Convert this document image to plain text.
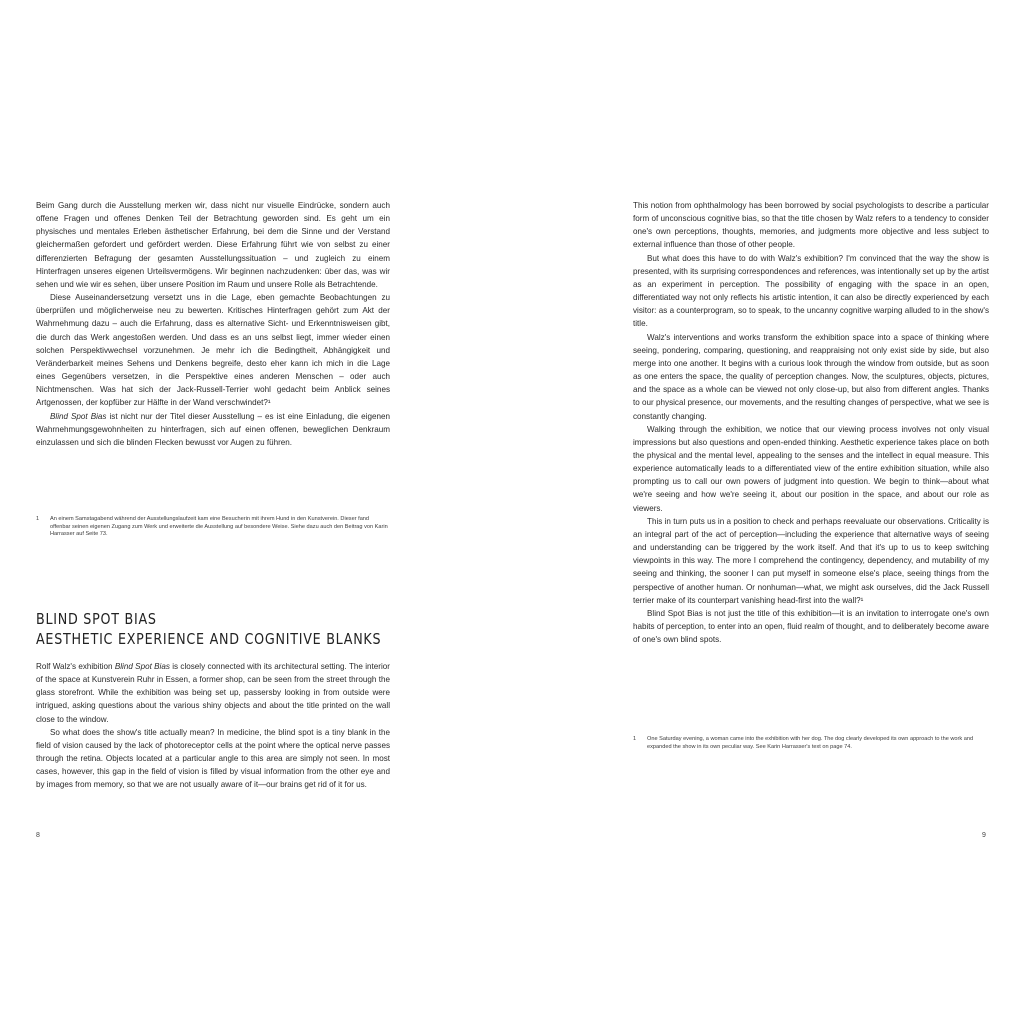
Beim Gang durch die Ausstellung merken wir, dass nicht nur visuelle Eindrücke, sondern auch offene Fragen und offenes Denken Teil der Betrachtung geworden sind. Es geht um ein physisches und mentales Erleben ästhetischer Erfahrung, bei dem die Sinne und der Verstand gleichermaßen gefordert und gefördert werden. Diese Erfahrung führt wie von selbst zu einer differenzierten Befragung der gesamten Ausstellungssituation – und zugleich zu einem Hinterfragen unseres eigenen Urteilsvermögens. Wir beginnen nachzudenken: über das, was wir sehen und wie wir es sehen, über unsere Position im Raum und unsere Rolle als Betrachtende.

Diese Auseinandersetzung versetzt uns in die Lage, eben gemachte Beobachtungen zu überprüfen und möglicherweise neu zu bewerten. Kritisches Hinterfragen gehört zum Akt der Wahrnehmung dazu – auch die Erfahrung, dass es alternative Sicht- und Erkenntnisweisen gibt, die durch das Werk angestoßen werden. Und dass es an uns selbst liegt, immer wieder einen solchen Perspektivwechsel vorzunehmen. Je mehr ich die Bedingtheit, Abhängigkeit und Veränderbarkeit meines Sehens und Denkens begreife, desto eher kann ich mich in die Lage eines Gegenübers versetzen, in die Perspektive eines anderen Menschen – oder auch Nichtmenschen. Was hat sich der Jack-Russell-Terrier wohl gedacht beim Anblick seines Artgenossen, der kopfüber zur Hälfte in der Wand verschwindet?¹

Blind Spot Bias ist nicht nur der Titel dieser Ausstellung – es ist eine Einladung, die eigenen Wahrnehmungsgewohnheiten zu hinterfragen, sich auf einen offenen, beweglichen Denkraum einzulassen und sich die blinden Flecken bewusst vor Augen zu führen.

1	An einem Samstagabend während der Ausstellungslaufzeit kam eine Besucherin mit ihrem Hund in den Kunstverein. Dieser fand offenbar seinen eigenen Zugang zum Werk und erweiterte die Ausstellung auf besondere Weise. Siehe dazu auch den Beitrag von Karin Harrasser auf Seite 73.
BLIND SPOT BIAS
AESTHETIC EXPERIENCE AND COGNITIVE BLANKS

Rolf Walz's exhibition Blind Spot Bias is closely connected with its architectural setting. The interior of the space at Kunstverein Ruhr in Essen, a former shop, can be seen from the street through the glass storefront. While the exhibition was being set up, passersby looking in from outside were intrigued, asking questions about the various shiny objects and about the title printed on the wall close to the window.

So what does the show's title actually mean? In medicine, the blind spot is a tiny blank in the field of vision caused by the lack of photoreceptor cells at the point where the optical nerve passes through the retina. Objects located at a particular angle to this area are simply not seen. In most cases, however, this gap in the field of vision is filled by visual information from the other eye and by images from memory, so that we are not usually aware of it—our brains get rid of it for us.

8

This notion from ophthalmology has been borrowed by social psychologists to describe a particular form of unconscious cognitive bias, so that the title chosen by Walz refers to a tendency to consider one's own perceptions, thoughts, memories, and judgments more objective and less subject to external influence than those of other people.

But what does this have to do with Walz's exhibition? I'm convinced that the way the show is presented, with its surprising correspondences and references, was intentionally set up by the artist as an experiment in perception. The possibility of engaging with the space in an open, differentiated way not only reflects his artistic intention, it can also be directly experienced by each visitor: as a counterprogram, so to speak, to the uncanny cognitive warping alluded to in the show's title.

Walz's interventions and works transform the exhibition space into a space of thinking where seeing, pondering, comparing, questioning, and reappraising not only exist side by side, but also merge into one another. It begins with a curious look through the window from outside, but as soon as one enters the space, the quality of perception changes. Now, the sculptures, objects, pictures, and the space as a whole can be viewed not only close-up, but also from different angles. Thanks to our physical presence, our movements, and the resulting changes of perspective, what we see is constantly changing.

Walking through the exhibition, we notice that our viewing process involves not only visual impressions but also questions and open-ended thinking. Aesthetic experience takes place on both the physical and the mental level, appealing to the senses and the intellect in equal measure. This experience automatically leads to a differentiated view of the entire exhibition situation, while also prompting us to call our own powers of judgment into question. We begin to think—about what we're seeing and how we're seeing it, about our position in the space, and about our role as viewers.

This in turn puts us in a position to check and perhaps reevaluate our observations. Criticality is an integral part of the act of perception—including the experience that alternative ways of seeing and understanding can be triggered by the work itself. And that it's up to us to keep switching viewpoints in this way. The more I comprehend the contingency, dependency, and mutability of my seeing and thinking, the sooner I can put myself in someone else's place, seeing things from the perspective of another human. Or nonhuman—what, we might ask ourselves, did the Jack Russell terrier make of its counterpart vanishing head-first into the wall?¹

Blind Spot Bias is not just the title of this exhibition—it is an invitation to interrogate one's own habits of perception, to enter into an open, fluid realm of thought, and to deliberately become aware of one's own blind spots.

1	One Saturday evening, a woman came into the exhibition with her dog. The dog clearly developed its own approach to the work and expanded the show in its own peculiar way. See Karin Harrasser's text on page 74.
9
